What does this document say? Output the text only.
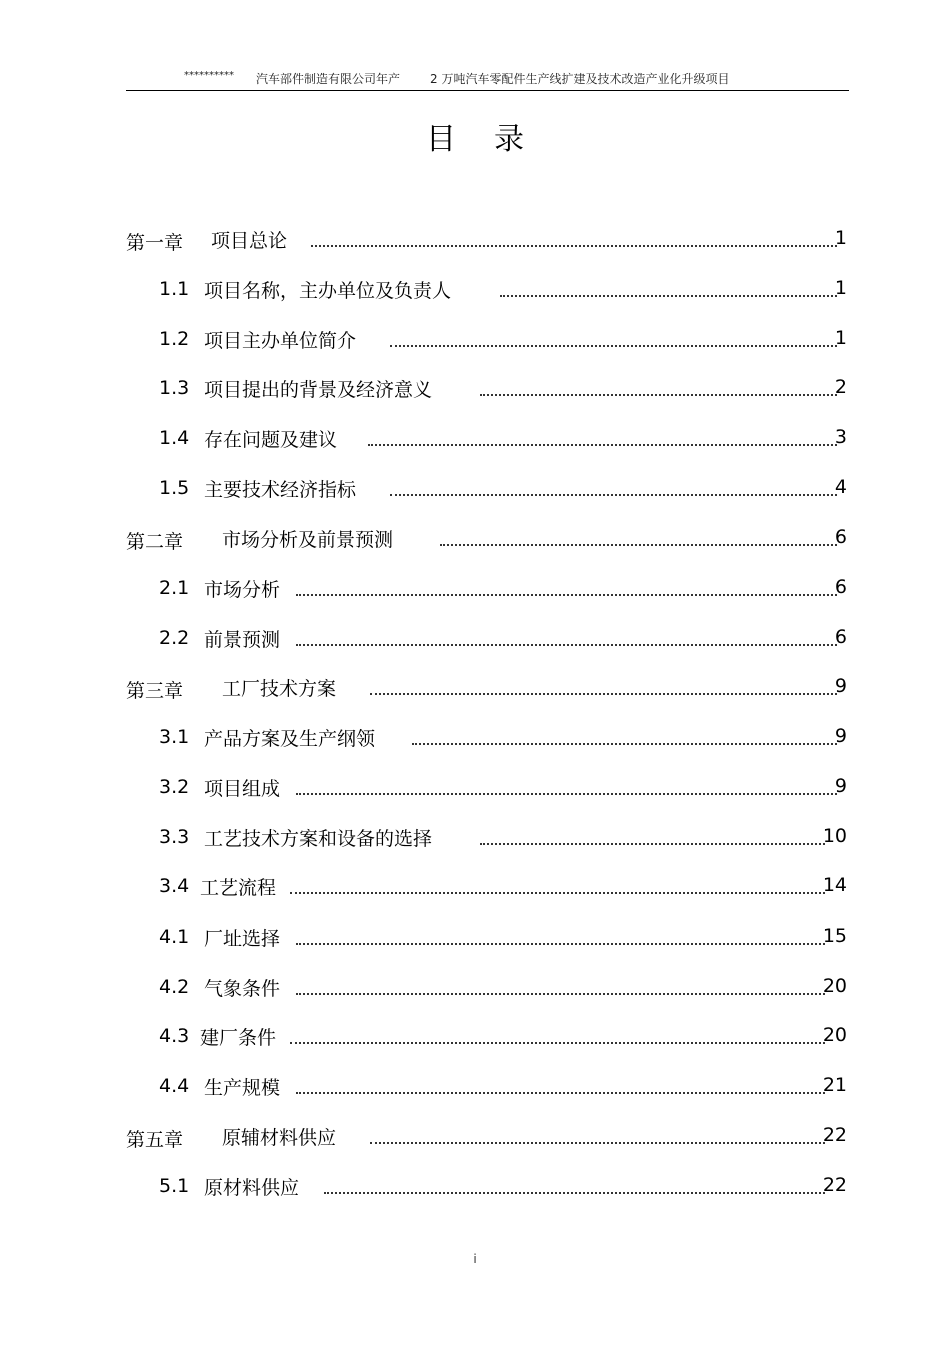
********** 汽车部件制造有限公司年产 2 万吨汽车零配件生产线扩建及技术改造产业化升级项目
目录
第一章 项目总论	1
1.1 项目名称，主办单位及负责人	1
1.2 项目主办单位简介	1
1.3 项目提出的背景及经济意义	2
1.4 存在问题及建议	3
1.5 主要技术经济指标	4
第二章 市场分析及前景预测	6
2.1 市场分析	6
2.2 前景预测	6
第三章 工厂技术方案	9
3.1 产品方案及生产纲领	9
3.2 项目组成	9
3.3 工艺技术方案和设备的选择	10
3.4 工艺流程	14
4.1 厂址选择	15
4.2 气象条件	20
4.3 建厂条件	20
4.4 生产规模	21
第五章 原辅材料供应	22
5.1 原材料供应	22
i
